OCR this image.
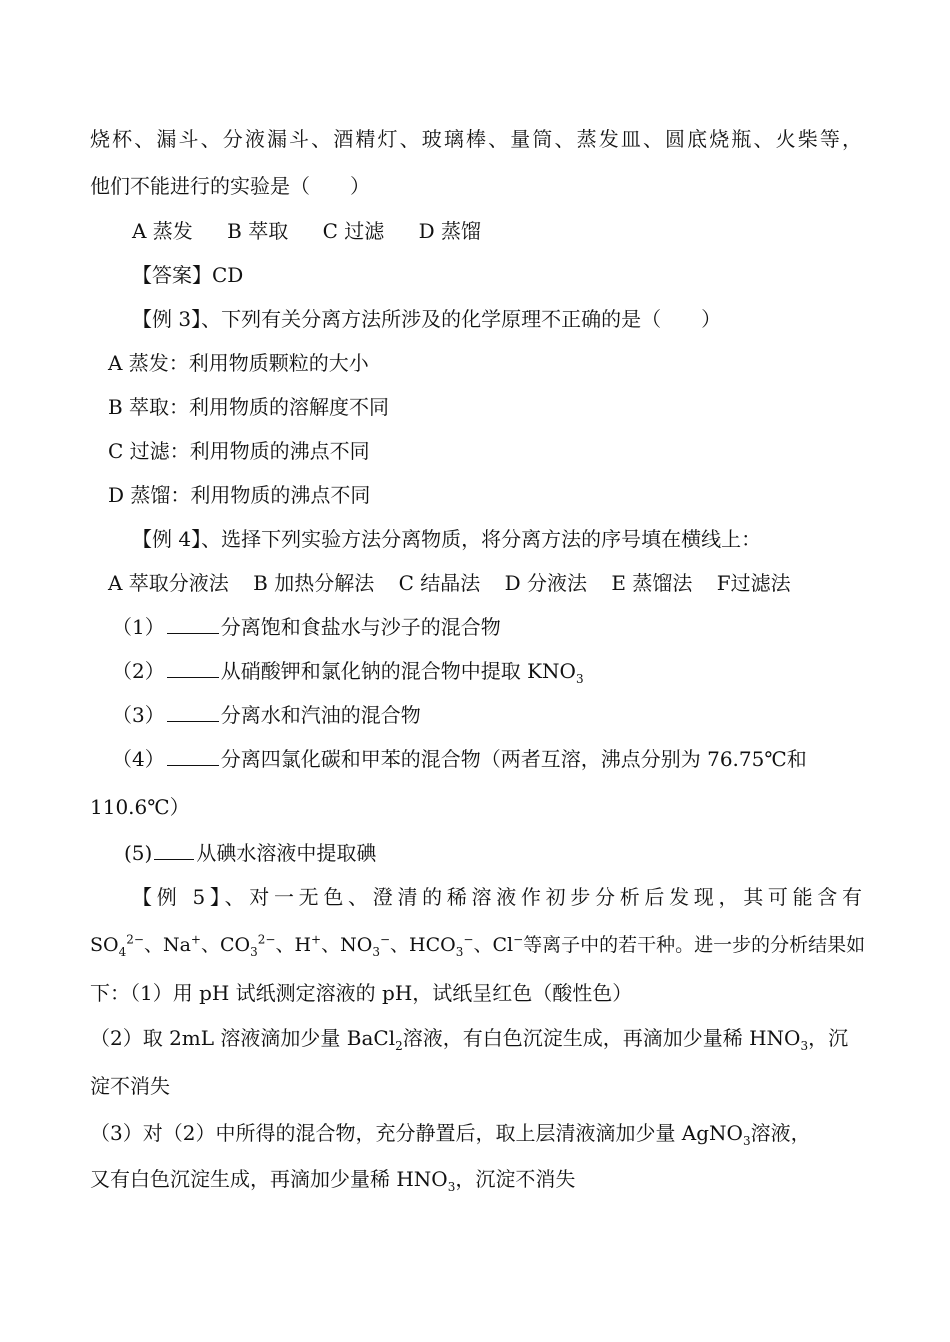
烧杯、漏斗、分液漏斗、酒精灯、玻璃棒、量筒、蒸发皿、圆底烧瓶、火柴等，
他们不能进行的实验是（　　）
A 蒸发 B 萃取 C 过滤 D 蒸馏
【答案】CD
【例 3】、下列有关分离方法所涉及的化学原理不正确的是（　　）
A 蒸发：利用物质颗粒的大小
B 萃取：利用物质的溶解度不同
C 过滤：利用物质的沸点不同
D 蒸馏：利用物质的沸点不同
【例 4】、选择下列实验方法分离物质，将分离方法的序号填在横线上：
A 萃取分液法 B 加热分解法 C 结晶法 D 分液法 E 蒸馏法 F过滤法
（1）	分离饱和食盐水与沙子的混合物
（2）	从硝酸钾和氯化钠的混合物中提取 $KNO_3$
（3）	分离水和汽油的混合物
（4）	分离四氯化碳和甲苯的混合物（两者互溶，沸点分别为 76.75℃和
110.6℃）
(5) 从碘水溶液中提取碘
【例 5】、对一无色、澄清的稀溶液作初步分析后发现，其可能含有
$SO_4^{2-}$、Na+、$CO_3^{2-}$、H+、$NO_3^-$、$HCO_3^-$、Cl−等离子中的若干种。进一步的分析结果如
下：（1）用 pH 试纸测定溶液的 pH，试纸呈红色（酸性色）
（2）取 2mL 溶液滴加少量 BaCl$_2$溶液，有白色沉淀生成，再滴加少量稀 $HNO_3$，沉
淀不消失
（3）对（2）中所得的混合物，充分静置后，取上层清液滴加少量 AgNO$_3$溶液，
又有白色沉淀生成，再滴加少量稀 $HNO_3$，沉淀不消失
